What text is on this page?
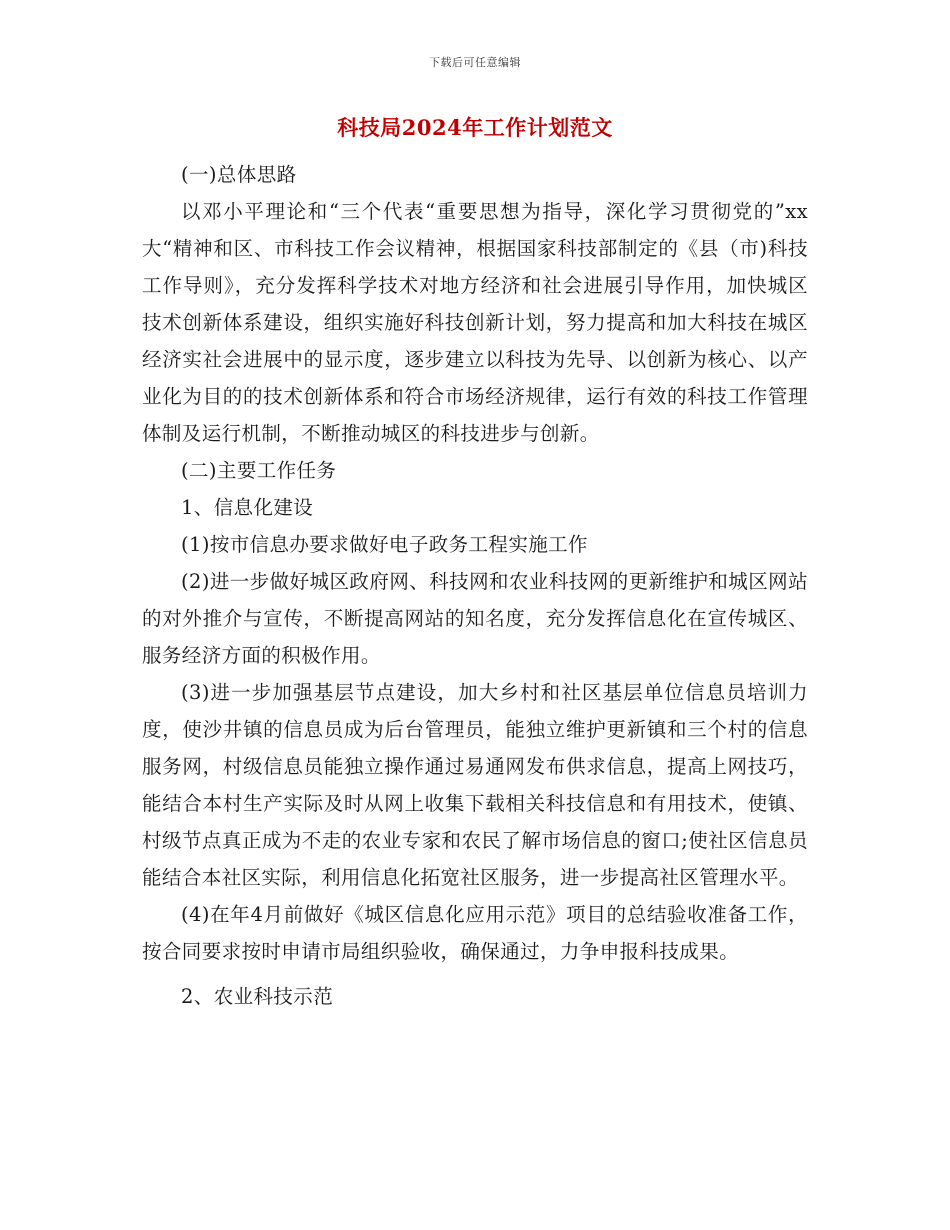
下载后可任意编辑
科技局2024年工作计划范文

(一)总体思路

以邓小平理论和“三个代表“重要思想为指导，深化学习贯彻党的”xx大“精神和区、市科技工作会议精神，根据国家科技部制定的《县（市)科技工作导则》，充分发挥科学技术对地方经济和社会进展引导作用，加快城区技术创新体系建设，组织实施好科技创新计划，努力提高和加大科技在城区经济实社会进展中的显示度，逐步建立以科技为先导、以创新为核心、以产业化为目的的技术创新体系和符合市场经济规律，运行有效的科技工作管理体制及运行机制，不断推动城区的科技进步与创新。

(二)主要工作任务

1、信息化建设

(1)按市信息办要求做好电子政务工程实施工作

(2)进一步做好城区政府网、科技网和农业科技网的更新维护和城区网站的对外推介与宣传，不断提高网站的知名度，充分发挥信息化在宣传城区、服务经济方面的积极作用。

(3)进一步加强基层节点建设，加大乡村和社区基层单位信息员培训力度，使沙井镇的信息员成为后台管理员，能独立维护更新镇和三个村的信息服务网，村级信息员能独立操作通过易通网发布供求信息，提高上网技巧，能结合本村生产实际及时从网上收集下载相关科技信息和有用技术，使镇、村级节点真正成为不走的农业专家和农民了解市场信息的窗口;使社区信息员能结合本社区实际，利用信息化拓宽社区服务，进一步提高社区管理水平。

(4)在年4月前做好《城区信息化应用示范》项目的总结验收准备工作，按合同要求按时申请市局组织验收，确保通过，力争申报科技成果。

2、农业科技示范
